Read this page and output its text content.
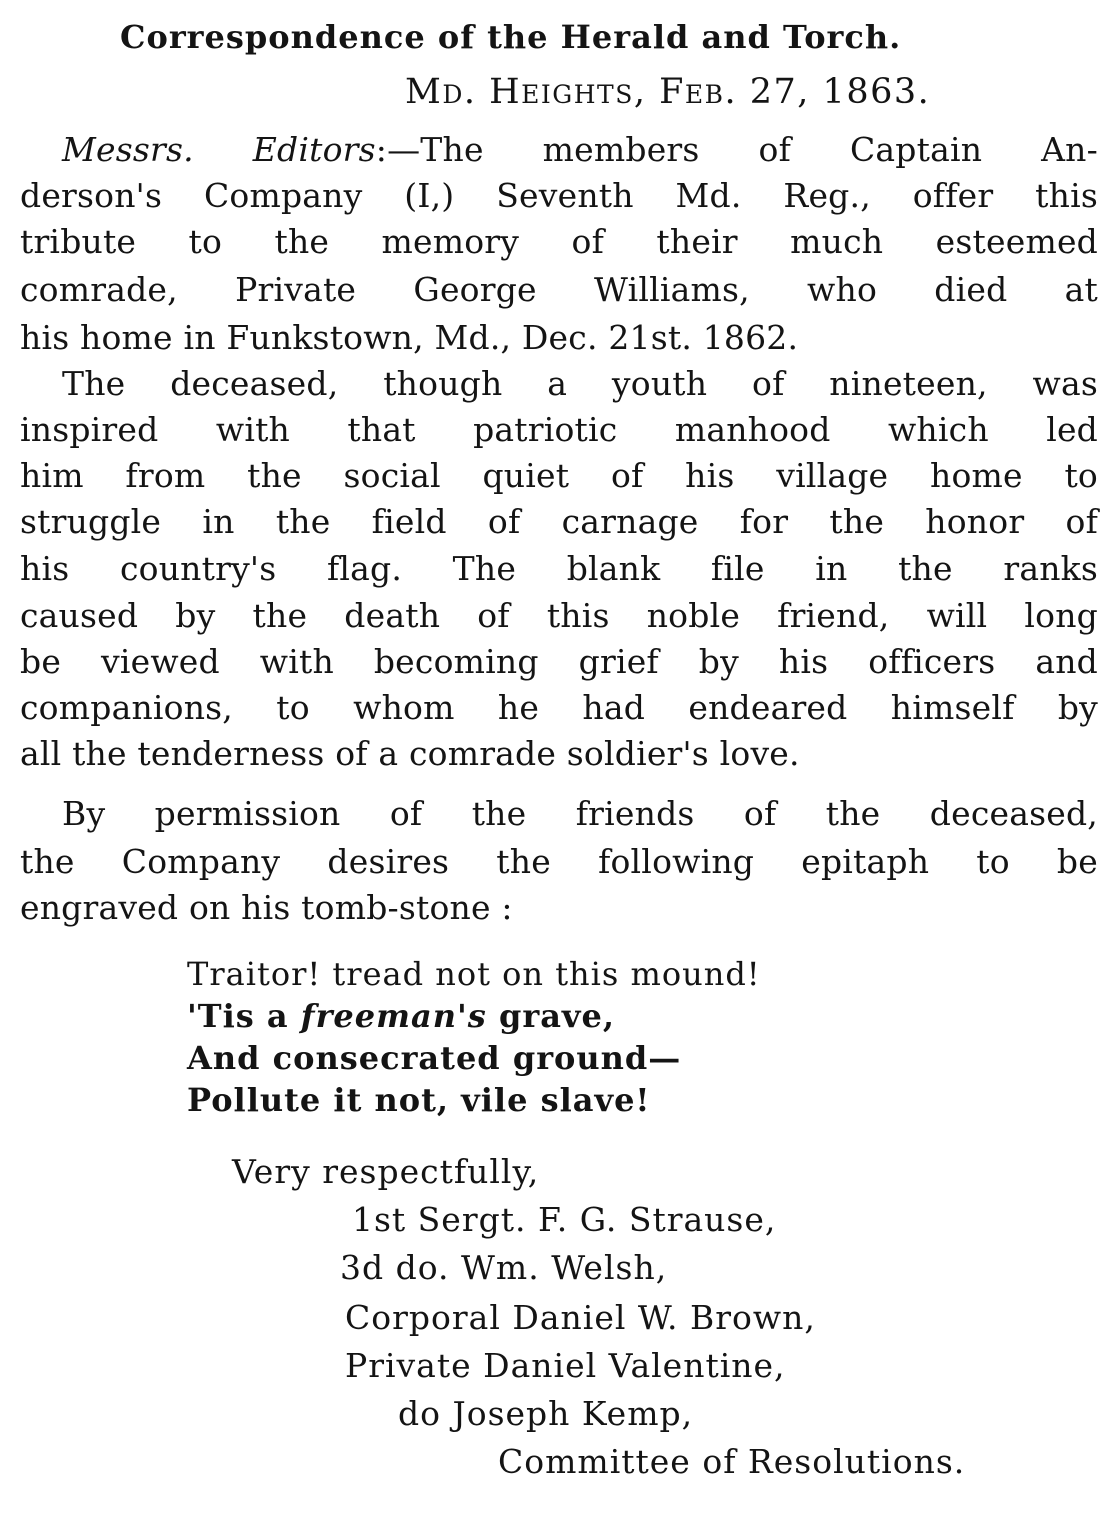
Correspondence of the Herald and Torch.
Md. Heights, Feb. 27, 1863.
Messrs. Editors:—The members of Captain An-
derson's Company (I,) Seventh Md. Reg., offer this
tribute to the memory of their much esteemed
comrade, Private George Williams, who died at
his home in Funkstown, Md., Dec. 21st. 1862.
The deceased, though a youth of nineteen, was
inspired with that patriotic manhood which led
him from the social quiet of his village home to
struggle in the field of carnage for the honor of
his country's flag. The blank file in the ranks
caused by the death of this noble friend, will long
be viewed with becoming grief by his officers and
companions, to whom he had endeared himself by
all the tenderness of a comrade soldier's love.
By permission of the friends of the deceased,
the Company desires the following epitaph to be
engraved on his tomb-stone :
Traitor! tread not on this mound!
'Tis a freeman's grave,
And consecrated ground—
Pollute it not, vile slave!
Very respectfully,
1st Sergt. F. G. Strause,
3d do. Wm. Welsh,
Corporal Daniel W. Brown,
Private Daniel Valentine,
do Joseph Kemp,
Committee of Resolutions.
